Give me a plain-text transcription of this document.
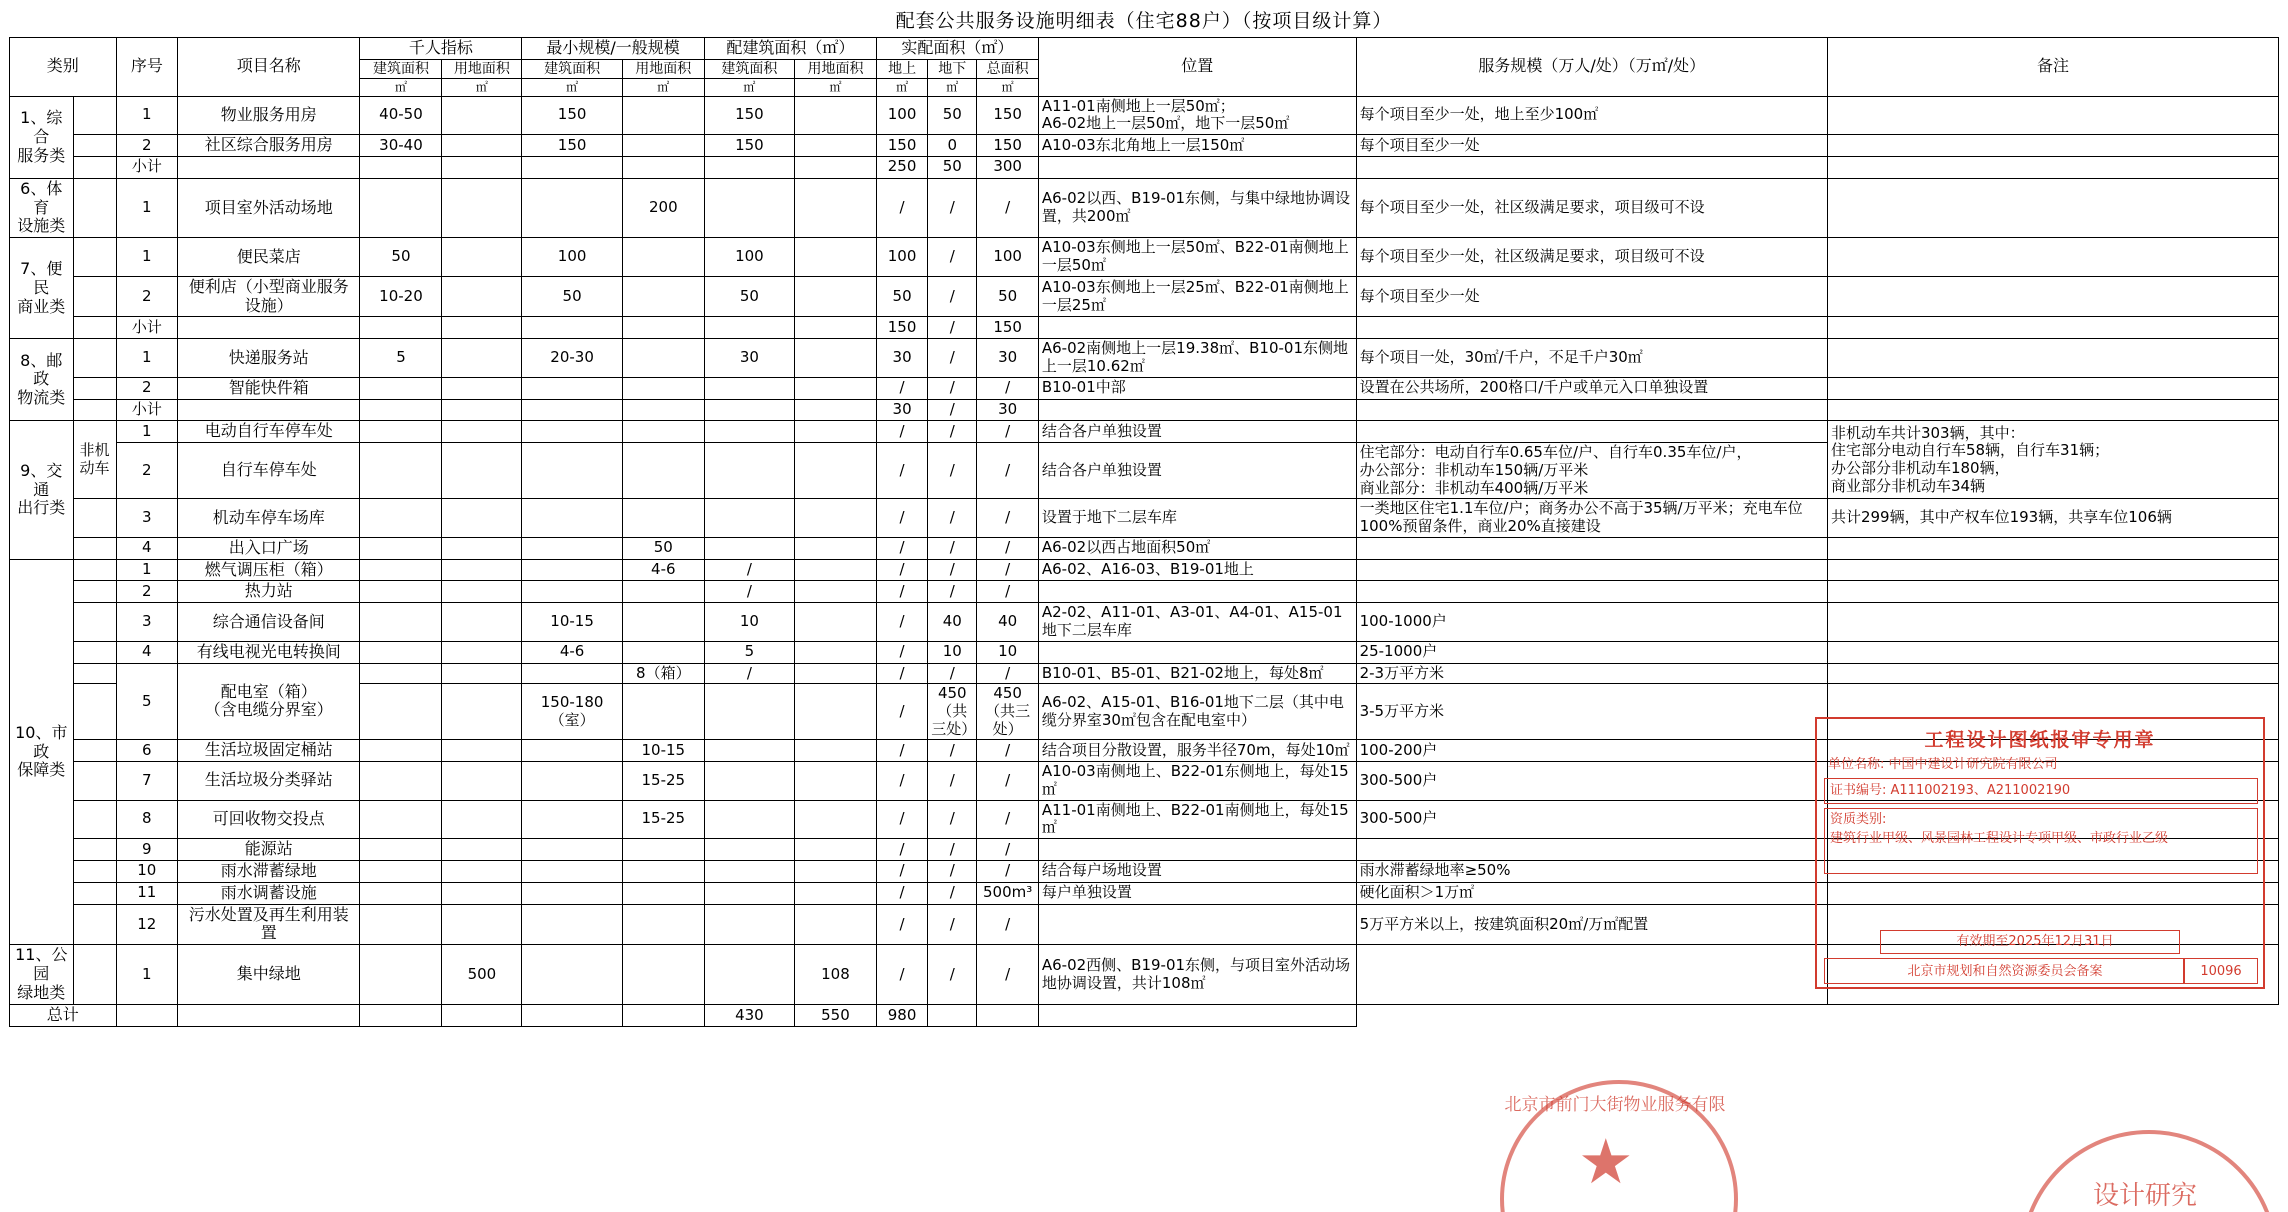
配套公共服务设施明细表（住宅88户）（按项目级计算）
类别		序号	项目名称	千人指标		最小规模/一般规模		配建筑面积（㎡）		实配面积（㎡）			位置	服务规模（万人/处）（万㎡/处）	备注
				建筑面积	用地面积	建筑面积	用地面积	建筑面积	用地面积	地上	地下	总面积			
				㎡	㎡	㎡	㎡	㎡	㎡	㎡	㎡	㎡			
1、综合
服务类		1	物业服务用房	40-50		150		150		100	50	150	A11-01南侧地上一层50㎡；
A6-02地上一层50㎡，地下一层50㎡	每个项目至少一处，地上至少100㎡	
		2	社区综合服务用房	30-40		150		150		150	0	150	A10-03东北角地上一层150㎡	每个项目至少一处	
		小计								250	50	300			
6、体育
设施类		1	项目室外活动场地				200			/	/	/	A6-02以西、B19-01东侧，与集中绿地协调设置，共200㎡	每个项目至少一处，社区级满足要求，项目级可不设	
7、便民
商业类		1	便民菜店	50		100		100		100	/	100	A10-03东侧地上一层50㎡、B22-01南侧地上一层50㎡	每个项目至少一处，社区级满足要求，项目级可不设	
		2	便利店（小型商业服务设施）	10-20		50		50		50	/	50	A10-03东侧地上一层25㎡、B22-01南侧地上一层25㎡	每个项目至少一处	
		小计								150	/	150			
8、邮政
物流类		1	快递服务站	5		20-30		30		30	/	30	A6-02南侧地上一层19.38㎡、B10-01东侧地上一层10.62㎡	每个项目一处，30㎡/千户，不足千户30㎡	
		2	智能快件箱							/	/	/	B10-01中部	设置在公共场所，200格口/千户或单元入口单独设置	
		小计								30	/	30			
9、交通
出行类	非机
动车	1	电动自行车停车处							/	/	/	结合各户单独设置		非机动车共计303辆，其中：
住宅部分电动自行车58辆，自行车31辆；
办公部分非机动车180辆，
商业部分非机动车34辆
		2	自行车停车处							/	/	/	结合各户单独设置	住宅部分：电动自行车0.65车位/户、自行车0.35车位/户，
办公部分：非机动车150辆/万平米
商业部分：非机动车400辆/万平米	
		3	机动车停车场库							/	/	/	设置于地下二层车库	一类地区住宅1.1车位/户；商务办公不高于35辆/万平米；充电车位100%预留条件，商业20%直接建设	共计299辆，其中产权车位193辆，共享车位106辆
		4	出入口广场				50			/	/	/	A6-02以西占地面积50㎡		
10、市政
保障类		1	燃气调压柜（箱）				4-6	/		/	/	/	A6-02、A16-03、B19-01地上		
		2	热力站					/		/	/	/			
		3	综合通信设备间			10-15		10		/	40	40	A2-02、A11-01、A3-01、A4-01、A15-01地下二层车库	100-1000户	
		4	有线电视光电转换间			4-6		5		/	10	10		25-1000户	
		5	配电室（箱）
（含电缆分界室）				8（箱）	/		/	/	/	B10-01、B5-01、B21-02地上，每处8㎡	2-3万平方米	
						150-180（室）				/	450
（共三处）	450（共三处）	A6-02、A15-01、B16-01地下二层（其中电缆分界室30㎡包含在配电室中）	3-5万平方米	
		6	生活垃圾固定桶站				10-15			/	/	/	结合项目分散设置，服务半径70m，每处10㎡	100-200户	
		7	生活垃圾分类驿站				15-25			/	/	/	A10-03南侧地上、B22-01东侧地上，每处15㎡	300-500户	
		8	可回收物交投点				15-25			/	/	/	A11-01南侧地上、B22-01南侧地上，每处15㎡	300-500户	
		9	能源站							/	/	/			
		10	雨水滞蓄绿地							/	/	/	结合每户场地设置	雨水滞蓄绿地率≥50%	
		11	雨水调蓄设施							/	/	500m³	每户单独设置	硬化面积＞1万㎡	
		12	污水处置及再生利用装置							/	/	/		5万平方米以上，按建筑面积20㎡/万㎡配置	
11、公园
绿地类		1	集中绿地		500				108	/	/	/	A6-02西侧、B19-01东侧，与项目室外活动场地协调设置，共计108㎡		
总计								430	550	980					
工程设计图纸报审专用章
单位名称: 中国中建设计研究院有限公司
证书编号: A111002193、A211002190
资质类别:
建筑行业甲级、风景园林工程设计专项甲级、市政行业乙级
有效期至2025年12月31日
北京市规划和自然资源委员会备案	10096
★
北京市前门大街物业服务有限
设计研究
